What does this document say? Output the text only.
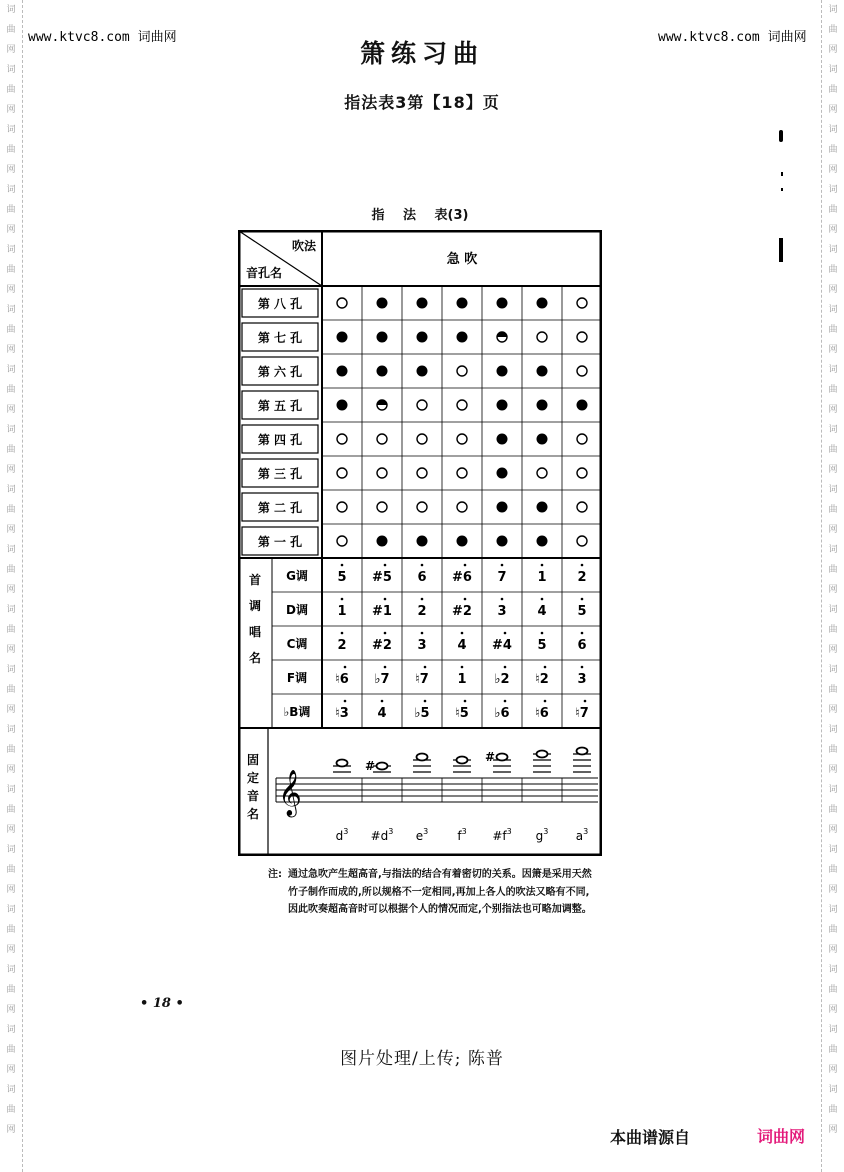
词
曲
网
词
曲
网
词
曲
网
词
曲
网
词
曲
网
词
曲
网
词
曲
网
词
曲
网
词
曲
网
词
曲
网
词
曲
网
词
曲
网
词
曲
网
词
曲
网
词
曲
网
词
曲
网
词
曲
网
词
曲
网
词
曲
网
词
曲
网
词
曲
网
词
曲
网
词
曲
网
词
曲
网
词
曲
网
词
曲
网
词
曲
网
词
曲
网
词
曲
网
词
曲
网
词
曲
网
词
曲
网
词
曲
网
词
曲
网
词
曲
网
词
曲
网
词
曲
网
词
曲
网
www.ktvc8.com 词曲网	www.ktvc8.com 词曲网
箫练习曲
指法表3第【18】页
指 法 表(3)
吹法
音孔名
急 吹
第 八 孔
第 七 孔
第 六 孔
第 五 孔
第 四 孔
第 三 孔
第 二 孔
第 一 孔
首
调
唱
名
G调 5 #5 6 #6 7 1 2
D调 1 #1 2 #2 3 4 5
C调 2 #2 3 4 #4 5 6
F调 ♮6 ♭7 ♮7 1 ♭2 ♮2 3
♭B调 ♮3 4 ♭5 ♮5 ♭6 ♮6 ♮7
固
定
音
名 𝄞
$d^3$
#
$\#d^3$ $e^3$ $f^3$
#
$\#f^3$ $g^3$ $a^3$
注: 通过急吹产生超高音,与指法的结合有着密切的关系。因箫是采用天然竹子制作而成的,所以规格不一定相同,再加上各人的吹法又略有不同,因此吹奏超高音时可以根据个人的情况而定,个别指法也可略加调整。
• 18 •
图片处理/上传; 陈普
本曲谱源自	词曲网
